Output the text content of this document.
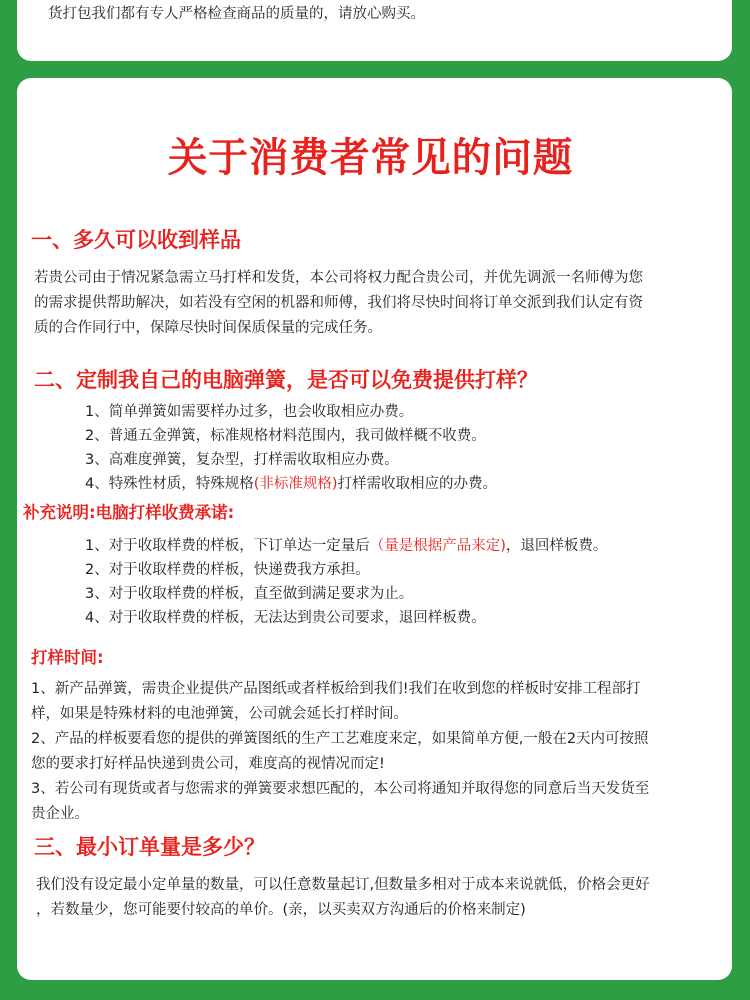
货打包我们都有专人严格检查商品的质量的，请放心购买。

关于消费者常见的问题
一、多久可以收到样品

若贵公司由于情况紧急需立马打样和发货，本公司将权力配合贵公司，并优先调派一名师傅为您

的需求提供帮助解决，如若没有空闲的机器和师傅，我们将尽快时间将订单交派到我们认定有资

质的合作同行中，保障尽快时间保质保量的完成任务。

二、定制我自己的电脑弹簧，是否可以免费提供打样？

1、简单弹簧如需要样办过多，也会收取相应办费。

2、普通五金弹簧，标准规格材料范围内，我司做样概不收费。

3、高难度弹簧，复杂型，打样需收取相应办费。

4、特殊性材质，特殊规格(非标准规格)打样需收取相应的办费。

补充说明:电脑打样收费承诺:

1、对于收取样费的样板，下订单达一定量后（量是根据产品来定)，退回样板费。

2、对于收取样费的样板，快递费我方承担。

3、对于收取样费的样板，直至做到满足要求为止。

4、对于收取样费的样板，无法达到贵公司要求，退回样板费。

打样时间:

1、新产品弹簧，需贵企业提供产品图纸或者样板给到我们!我们在收到您的样板时安排工程部打

样，如果是特殊材料的电池弹簧，公司就会延长打样时间。

2、产品的样板要看您的提供的弹簧图纸的生产工艺难度来定，如果简单方便,一般在2天内可按照

您的要求打好样品快递到贵公司，难度高的视情况而定!

3、若公司有现货或者与您需求的弹簧要求想匹配的，本公司将通知并取得您的同意后当天发货至

贵企业。

三、最小订单量是多少？

我们没有设定最小定单量的数量，可以任意数量起订,但数量多相对于成本来说就低，价格会更好

，若数量少，您可能要付较高的单价。(亲，以买卖双方沟通后的价格来制定)
